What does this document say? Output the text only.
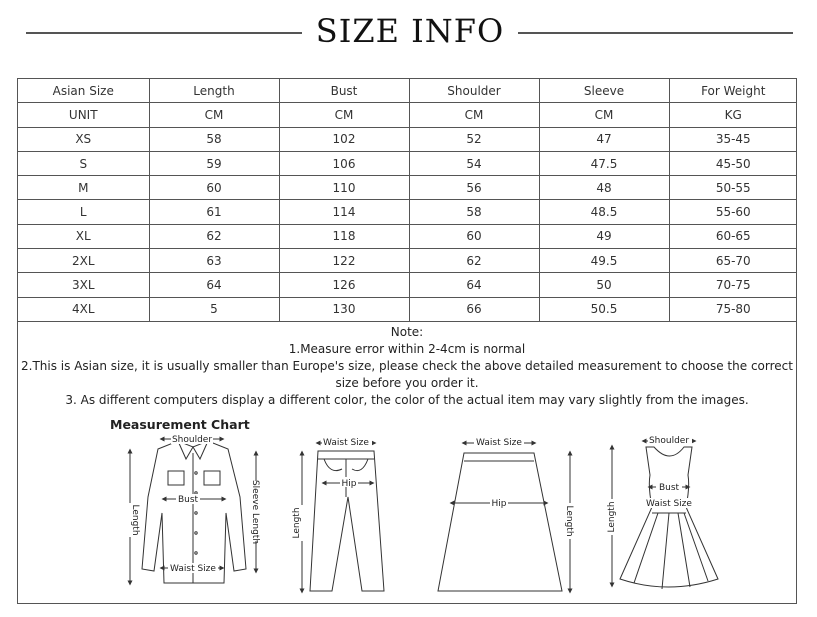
SIZE INFO
Asian Size	Length	Bust	Shoulder	Sleeve	For Weight
UNIT	CM	CM	CM	CM	KG
XS	58	102	52	47	35-45
S	59	106	54	47.5	45-50
M	60	110	56	48	50-55
L	61	114	58	48.5	55-60
XL	62	118	60	49	60-65
2XL	63	122	62	49.5	65-70
3XL	64	126	64	50	70-75
4XL	5	130	66	50.5	75-80
Note:
1.Measure error within 2-4cm is normal
2.This is Asian size, it is usually smaller than Europe's size, please check the above detailed measurement to choose the correct size before you order it.
3. As different computers display a different color, the color of the actual item may vary slightly from the images.
Measurement Chart
Shoulder
Bust
Waist Size
Length	Sleeve Length
Waist Size
Hip
Length
Waist Size
Hip
Length
Shoulder
Bust
Waist Size
Length
